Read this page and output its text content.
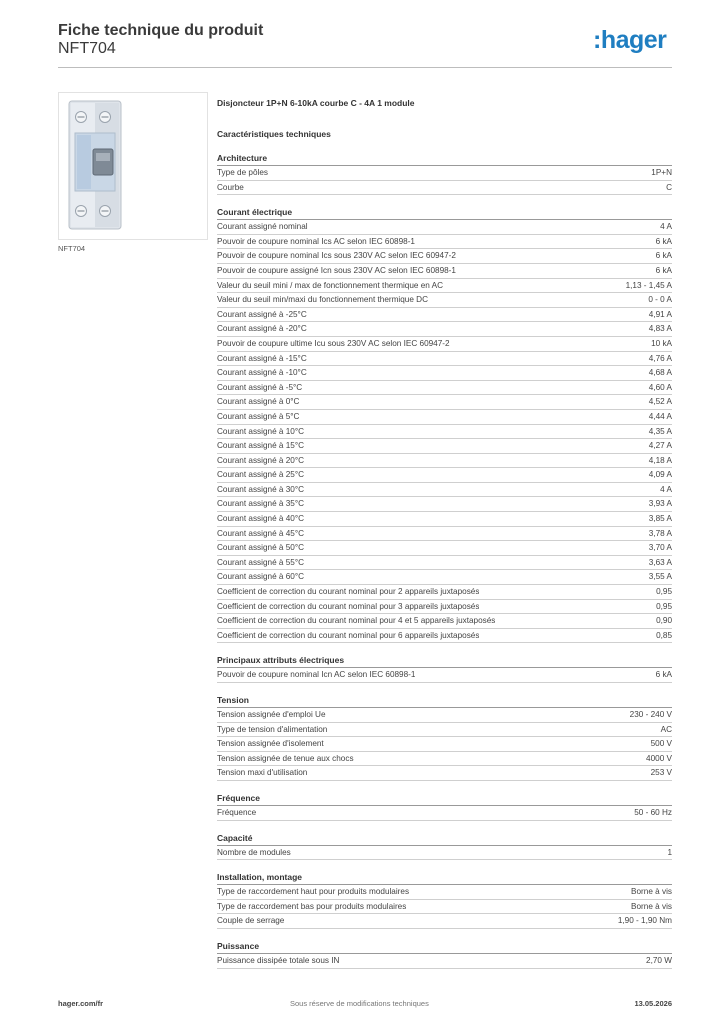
Fiche technique du produit
NFT704	:hager
NFT704
Disjoncteur 1P+N 6-10kA courbe C - 4A 1 module
Caractéristiques techniques
Architecture
Type de pôles	1P+N
Courbe	C
Courant électrique
Courant assigné nominal	4 A
Pouvoir de coupure nominal Ics AC selon IEC 60898-1	6 kA
Pouvoir de coupure nominal Ics sous 230V AC selon IEC 60947-2	6 kA
Pouvoir de coupure assigné Icn sous 230V AC selon IEC 60898-1	6 kA
Valeur du seuil mini / max de fonctionnement thermique en AC	1,13 - 1,45 A
Valeur du seuil min/maxi du fonctionnement thermique DC	0 - 0 A
Courant assigné à -25°C	4,91 A
Courant assigné à -20°C	4,83 A
Pouvoir de coupure ultime Icu sous 230V AC selon IEC 60947-2	10 kA
Courant assigné à -15°C	4,76 A
Courant assigné à -10°C	4,68 A
Courant assigné à -5°C	4,60 A
Courant assigné à 0°C	4,52 A
Courant assigné à 5°C	4,44 A
Courant assigné à 10°C	4,35 A
Courant assigné à 15°C	4,27 A
Courant assigné à 20°C	4,18 A
Courant assigné à 25°C	4,09 A
Courant assigné à 30°C	4 A
Courant assigné à 35°C	3,93 A
Courant assigné à 40°C	3,85 A
Courant assigné à 45°C	3,78 A
Courant assigné à 50°C	3,70 A
Courant assigné à 55°C	3,63 A
Courant assigné à 60°C	3,55 A
Coefficient de correction du courant nominal pour 2 appareils juxtaposés	0,95
Coefficient de correction du courant nominal pour 3 appareils juxtaposés	0,95
Coefficient de correction du courant nominal pour 4 et 5 appareils juxtaposés	0,90
Coefficient de correction du courant nominal pour 6 appareils juxtaposés	0,85
Principaux attributs électriques
Pouvoir de coupure nominal Icn AC selon IEC 60898-1	6 kA
Tension
Tension assignée d'emploi Ue	230 - 240 V
Type de tension d'alimentation	AC
Tension assignée d'isolement	500 V
Tension assignée de tenue aux chocs	4000 V
Tension maxi d'utilisation	253 V
Fréquence
Fréquence	50 - 60 Hz
Capacité
Nombre de modules	1
Installation, montage
Type de raccordement haut pour produits modulaires	Borne à vis
Type de raccordement bas pour produits modulaires	Borne à vis
Couple de serrage	1,90 - 1,90 Nm
Puissance
Puissance dissipée totale sous IN	2,70 W
hager.com/fr	Sous réserve de modifications techniques	13.05.2026
